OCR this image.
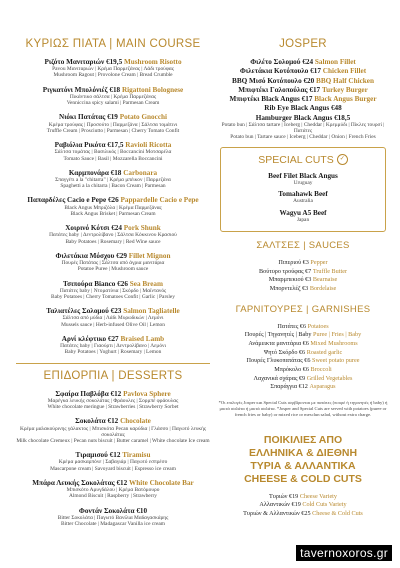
ΚΥΡΙΩΣ ΠΙΑΤΑ | MAIN COURSE
Ριζότο Μανιταριών €19,5 Mushroom Risotto
Pavou Μανιταριών | Κρέμα Παρμεζάνας | Λάδι τρούφας
Mushroom Ragout | Provolone Cream | Bread Crumble
Ριγκατόνι Μπολόνιέζ €18 Rigattoni Bolognese
Πικάντικο σάλτσα | Κρέμα Παρμεζάνας
Venniccina spicy salami | Parmesan Cream
Νιόκι Πατάτας €19 Potato Gnocchi
Κρέμα τρούφας | Προσούτο | Παρμεζάνα | Σάλτσα τομάτινι
Truffle Cream | Prosciutto | Parmesan | Cherry Tomato Confit
Ραβιόλια Ρικότα €17,5 Ravioli Ricotta
Σάλτσα τομάτας | Βασιλικός | Boccancini Μοτσαρέλα
Tomato Sauce | Basil | Mozzarella Boccancini
Καρμπονάρα €18 Carbonara
Σπαγγέτι a la "chitarra" | Κρέμα μπέικον | Παρμεζάνα
Spaghetti a la chitarra | Bacon Cream | Parmesan
Παπαρδέλες Cacio e Pepe €26 Pappardelle Cacio e Pepe
Black Angus Μπριζόλα | Κρέμα Παρμεζάνας
Black Angus Brisket | Parmesan Cream
Χοιρινό Κότσι €24 Pork Shunk
Πατάτες baby | Δεντρολίβανο | Σάλτσα Κόκκινου Κρασιού
Baby Potatoes | Rosemary | Red Wine sauce
Φιλετάκια Μόσχου €29 Fillet Mignon
Πουρές Πατάτας | Σάλτσα από άγρια μανιτάρια
Potatoe Puree | Mushroom sauce
Τσιπούρα Bianco €26 Sea Bream
Πατάτες baby | Ντοματίνια | Σκόρδο | Μαϊντανός
Baby Potatoes | Cherry Tomatoes Confit | Garlic | Parsley
Ταλιατέλες Σολομού €23 Salmon Tagliatelle
Σάλτσα από μύδια | Λάδι Μυρωδικών | Λεμόνι
Mussels sauce | Herb-infused Olive Oil | Lemon
Αρνί κλέφτικο €27 Braised Lamb
Πατάτες baby | Γιαούρτι | Δεντρολίβανο | Λεμόνι
Baby Potatoes | Yoghurt | Rosemary | Lemon
ΕΠΙΔΟΡΠΙΑ | DESSERTS
Σφαίρα Παβλόβα €12 Pavlova Sphere
Μαρέγκα λευκής σοκολάτας | Φράουλες | Σορμπέ φράουλας
White chocolate meringue | Strawberries | Strawberry Sorbet
Σοκολάτα €12 Chocolate
Κρέμα μαλακούρινης γάλακτος | Μπισκότα Pecan καρύδια | Γλάσσο | Παγωτό λευκής σοκολάτας
Milk chocolate Cremeux | Pecan nuts biscuit | Butter caramel | White chocolate Ice cream
Τιραμισού €12 Tiramisu
Κρέμα μασκαρπόνε | Σαβαγιάρ | Παγωτό εσπρέσο
Mascarpone cream | Savoyard biscuit | Espresso ice cream
Μπάρα Λευκής Σοκολάτας €12 White Chocolate Bar
Μπισκότο Αμυγδάλου | Κρέμα Βατόμουρο
Almond Biscuit | Raspberry | Strawberry
Φοντάν Σοκολάτα €10
Bitter Σοκολάτα | Παγωτό Βανίλια Μαδαγασκάρης
Bitter Chocolate | Madagascar Vanilla ice cream
JOSPER
Φιλέτο Σολομού €24 Salmon Fillet
Φιλετάκια Κοτόπουλο €17 Chicken Fillet
BBQ Μισό Κοτόπουλο €20 BBQ Half Chicken
Μπιφτέκι Γαλοπούλας €17 Turkey Burger
Μπιφτέκι Black Angus €17 Black Angus Burger
Rib Eye Black Angus €48
Hamburger Black Angus €18,5
Potato bun | Σάλτσα tartare | Iceberg | Cheddar | Κρεμμύδι | Πίκλες τουρσί | Πατάτες
Potato bun | Tartare sauce | Iceberg | Cheddar | Onion | French Fries
SPECIAL CUTS ✓
Beef Filet Black Angus
Uruguay
Tomahawk Beef
Australia
Wagyu A5 Beef
Japan
ΣΑΛΤΣΕΣ | SAUCES
Πιπεριού €3 Pepper
Βούτυρο τρούφας €7 Truffle Butter
Μπαρμπεκιού €3 Bearnaise
Μπορντελέζ €3 Bordelaise
ΓΑΡΝΙΤΟΥΡΕΣ | GARNISHES
Πατάτες €6 Potatoes
Πουρές | Τηγανητές | Baby Puree | Fries | Baby
Ανάμεικτα μανιτάρια €6 Mixed Mushrooms
Ψητό Σκόρδο €6 Roasted garlic
Πουρές Γλυκοπατάτας €6 Sweet potato puree
Μπρόκολο €6 Broccoli
Λαχανικά σχάρας €9 Grilled Vegetables
Σπαράγγια €12 Asparagus
*Οι επιλογές Josper και Special Cuts σερβίρονται με πατάτες (πουρέ ή τηγανητές ή baby) ή μικτά σαλάτα ή μικτά σαλάτα. *Josper and Special Cuts are served with potatoes (puree or french fries or baby) or mixed rice or mesclun salad, without extra charge.
ΠΟΙΚΙΛΙΕΣ ΑΠΟ
ΕΛΛΗΝΙΚΑ & ΔΙΕΘΝΗ
ΤΥΡΙΑ & ΑΛΛΑΝΤΙΚΑ
CHEESE & COLD CUTS
Τυριών €19 Cheese Variety
Αλλαντικών €19 Cold Cuts Variety
Τυριών & Αλλαντικών €25 Cheese & Cold Cuts
tavernoxoros.gr
